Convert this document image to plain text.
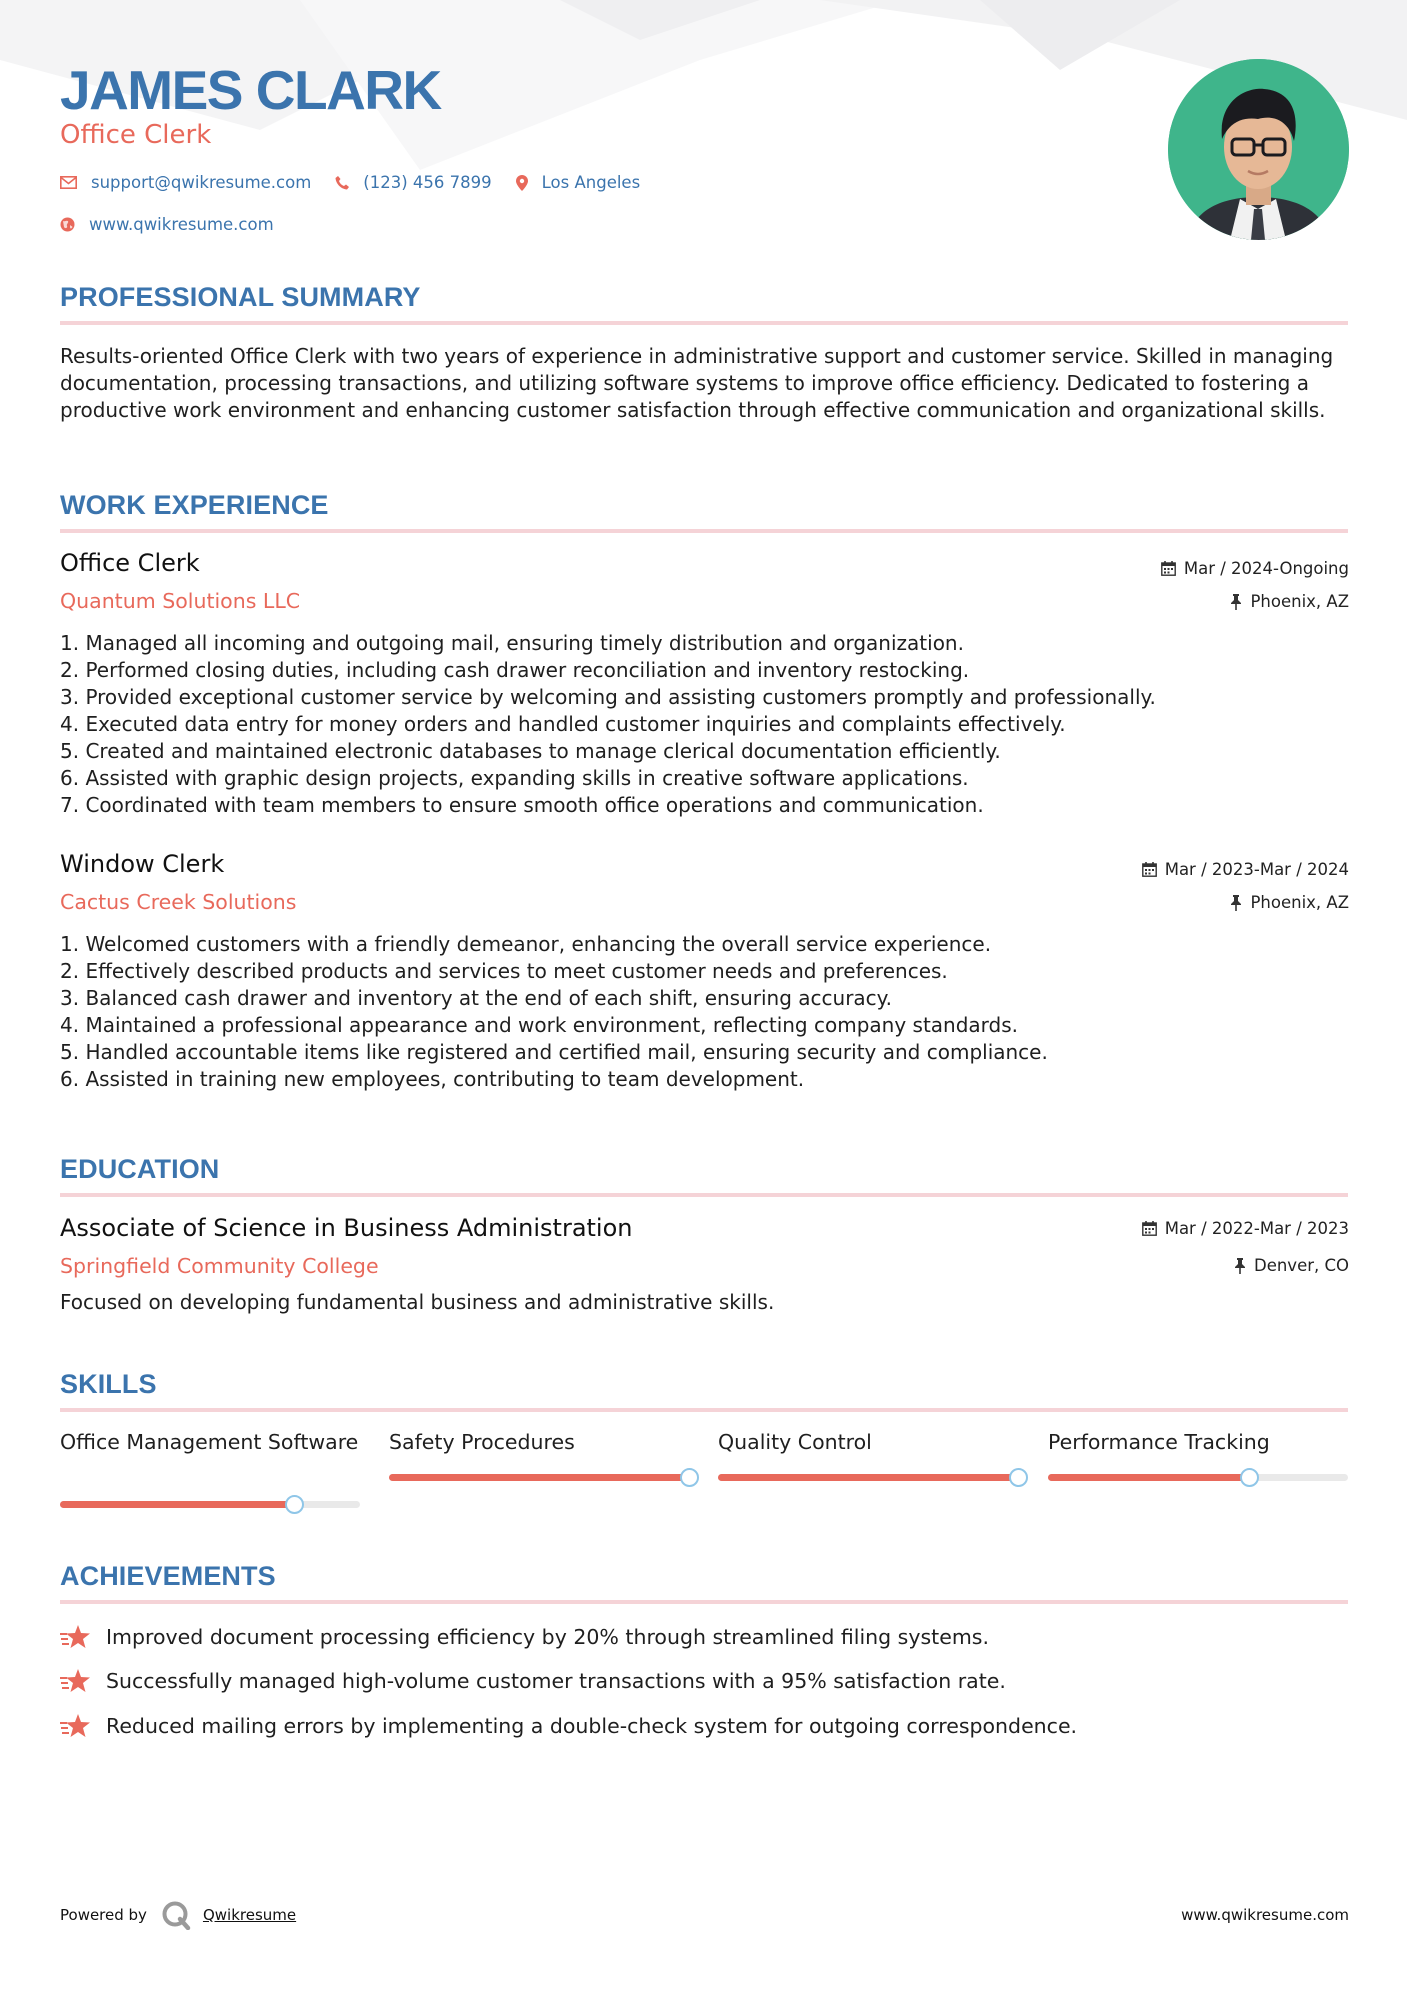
JAMES CLARK
Office Clerk
support@qwikresume.com	(123) 456 7899	Los Angeles
www.qwikresume.com
PROFESSIONAL SUMMARY
Results-oriented Office Clerk with two years of experience in administrative support and customer service. Skilled in managing documentation, processing transactions, and utilizing software systems to improve office efficiency. Dedicated to fostering a productive work environment and enhancing customer satisfaction through effective communication and organizational skills.
WORK EXPERIENCE
Office Clerk
Quantum Solutions LLC
Mar / 2024-Ongoing
Phoenix, AZ
1. Managed all incoming and outgoing mail, ensuring timely distribution and organization.
2. Performed closing duties, including cash drawer reconciliation and inventory restocking.
3. Provided exceptional customer service by welcoming and assisting customers promptly and professionally.
4. Executed data entry for money orders and handled customer inquiries and complaints effectively.
5. Created and maintained electronic databases to manage clerical documentation efficiently.
6. Assisted with graphic design projects, expanding skills in creative software applications.
7. Coordinated with team members to ensure smooth office operations and communication.
Window Clerk
Cactus Creek Solutions
Mar / 2023-Mar / 2024
Phoenix, AZ
1. Welcomed customers with a friendly demeanor, enhancing the overall service experience.
2. Effectively described products and services to meet customer needs and preferences.
3. Balanced cash drawer and inventory at the end of each shift, ensuring accuracy.
4. Maintained a professional appearance and work environment, reflecting company standards.
5. Handled accountable items like registered and certified mail, ensuring security and compliance.
6. Assisted in training new employees, contributing to team development.
EDUCATION
Associate of Science in Business Administration
Springfield Community College
Mar / 2022-Mar / 2023
Denver, CO
Focused on developing fundamental business and administrative skills.
SKILLS
Office Management Software Safety Procedures	Quality Control	Performance Tracking
ACHIEVEMENTS
Improved document processing efficiency by 20% through streamlined filing systems.
Successfully managed high-volume customer transactions with a 95% satisfaction rate.
Reduced mailing errors by implementing a double-check system for outgoing correspondence.
Powered by	Qwikresume	www.qwikresume.com
